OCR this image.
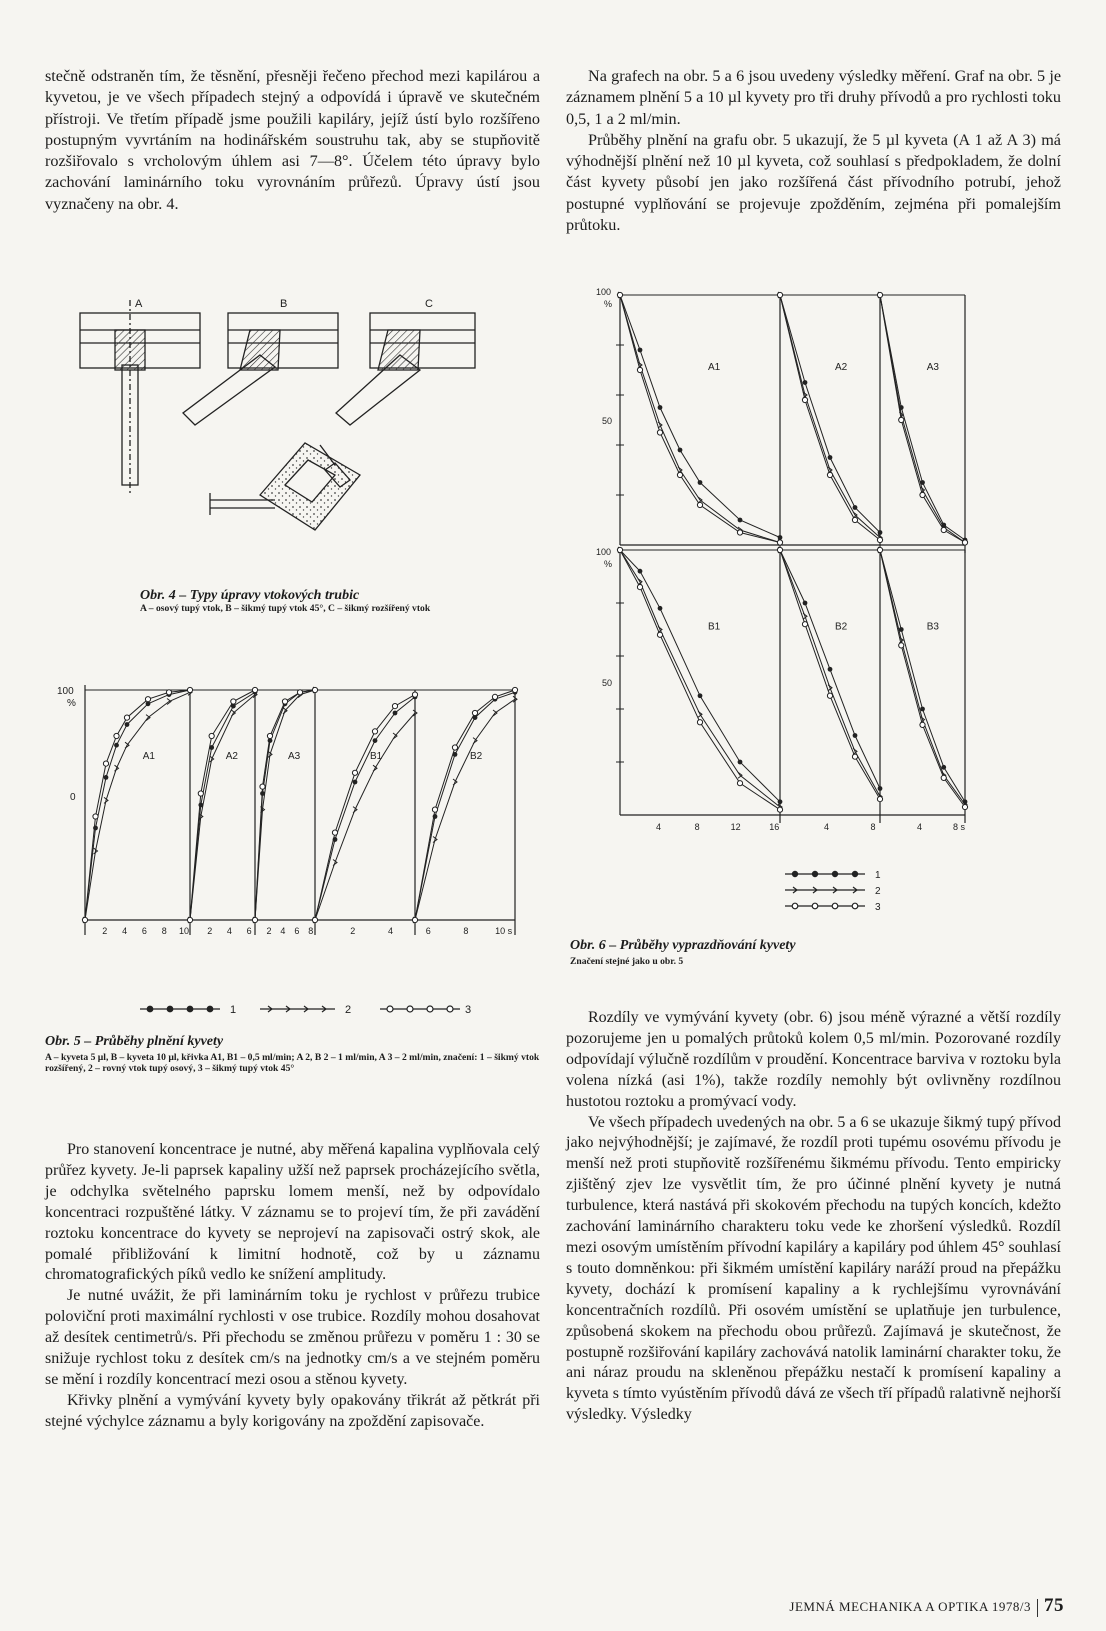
stečně odstraněn tím, že těsnění, přesněji řečeno přechod mezi kapilárou a kyvetou, je ve všech případech stejný a odpovídá i úpravě ve skutečném přístroji. Ve třetím případě jsme použili kapiláry, jejíž ústí bylo rozšířeno postupným vyvrtáním na hodinářském soustruhu tak, aby se stupňovitě rozšiřovalo s vrcholovým úhlem asi 7—8°. Účelem této úpravy bylo zachování laminárního toku vyrovnáním průřezů. Úpravy ústí jsou vyznačeny na obr. 4.

Na grafech na obr. 5 a 6 jsou uvedeny výsledky měření. Graf na obr. 5 je záznamem plnění 5 a 10 µl kyvety pro tři druhy přívodů a pro rychlosti toku 0,5, 1 a 2 ml/min.

Průběhy plnění na grafu obr. 5 ukazují, že 5 µl kyveta (A 1 až A 3) má výhodnější plnění než 10 µl kyveta, což souhlasí s předpokladem, že dolní část kyvety působí jen jako rozšířená část přívodního potrubí, jehož postupné vyplňování se projevuje zpožděním, zejména při pomalejším průtoku.

A	B	C
Obr. 4 – Typy úpravy vtokových trubic
A – osový tupý vtok, B – šikmý tupý vtok 45°, C – šikmý rozšířený vtok
100
%
0
A1	A2	A3	B1	B2
2 4 6 8 10 2 4 6 2 4 6 8	2	4	6	8	10 s
1	2	3
Obr. 5 – Průběhy plnění kyvety
A – kyveta 5 µl, B – kyveta 10 µl, křivka A1, B1 – 0,5 ml/min; A 2, B 2 – 1 ml/min, A 3 – 2 ml/min, značení: 1 – šikmý vtok rozšířený, 2 – rovný vtok tupý osový, 3 – šikmý tupý vtok 45°
100
%
50
100
%
50
A1	A2	A3
B1	B2	B3
4	8	12	16	4	8	4	8 s
1
2
3
Obr. 6 – Průběhy vyprazdňování kyvety
Značení stejné jako u obr. 5

Pro stanovení koncentrace je nutné, aby měřená kapalina vyplňovala celý průřez kyvety. Je-li paprsek kapaliny užší než paprsek procházejícího světla, je odchylka světelného paprsku lomem menší, než by odpovídalo koncentraci rozpuštěné látky. V záznamu se to projeví tím, že při zavádění roztoku koncentrace do kyvety se neprojeví na zapisovači ostrý skok, ale pomalé přibližování k limitní hodnotě, což by u záznamu chromatografických píků vedlo ke snížení amplitudy.

Je nutné uvážit, že při laminárním toku je rychlost v průřezu trubice poloviční proti maximální rychlosti v ose trubice. Rozdíly mohou dosahovat až desítek centimetrů/s. Při přechodu se změnou průřezu v poměru 1 : 30 se snižuje rychlost toku z desítek cm/s na jednotky cm/s a ve stejném poměru se mění i rozdíly koncentrací mezi osou a stěnou kyvety.

Křivky plnění a vymývání kyvety byly opakovány třikrát až pětkrát při stejné výchylce záznamu a byly korigovány na zpoždění zapisovače.

Rozdíly ve vymývání kyvety (obr. 6) jsou méně výrazné a větší rozdíly pozorujeme jen u pomalých průtoků kolem 0,5 ml/min. Pozorované rozdíly odpovídají výlučně rozdílům v proudění. Koncentrace barviva v roztoku byla volena nízká (asi 1%), takže rozdíly nemohly být ovlivněny rozdílnou hustotou roztoku a promývací vody.

Ve všech případech uvedených na obr. 5 a 6 se ukazuje šikmý tupý přívod jako nejvýhodnější; je zajímavé, že rozdíl proti tupému osovému přívodu je menší než proti stupňovitě rozšířenému šikmému přívodu. Tento empiricky zjištěný zjev lze vysvětlit tím, že pro účinné plnění kyvety je nutná turbulence, která nastává při skokovém přechodu na tupých koncích, kdežto zachování laminárního charakteru toku vede ke zhoršení výsledků. Rozdíl mezi osovým umístěním přívodní kapiláry a kapiláry pod úhlem 45° souhlasí s touto domněnkou: při šikmém umístění kapiláry naráží proud na přepážku kyvety, dochází k promísení kapaliny a k rychlejšímu vyrovnávání koncentračních rozdílů. Při osovém umístění se uplatňuje jen turbulence, způsobená skokem na přechodu obou průřezů. Zajímavá je skutečnost, že postupně rozšiřování kapiláry zachovává natolik laminární charakter toku, že ani náraz proudu na skleněnou přepážku nestačí k promísení kapaliny a kyveta s tímto vyústěním přívodů dává ze všech tří případů ralativně nejhorší výsledky. Výsledky

JEMNÁ MECHANIKA A OPTIKA 1978/3 75
